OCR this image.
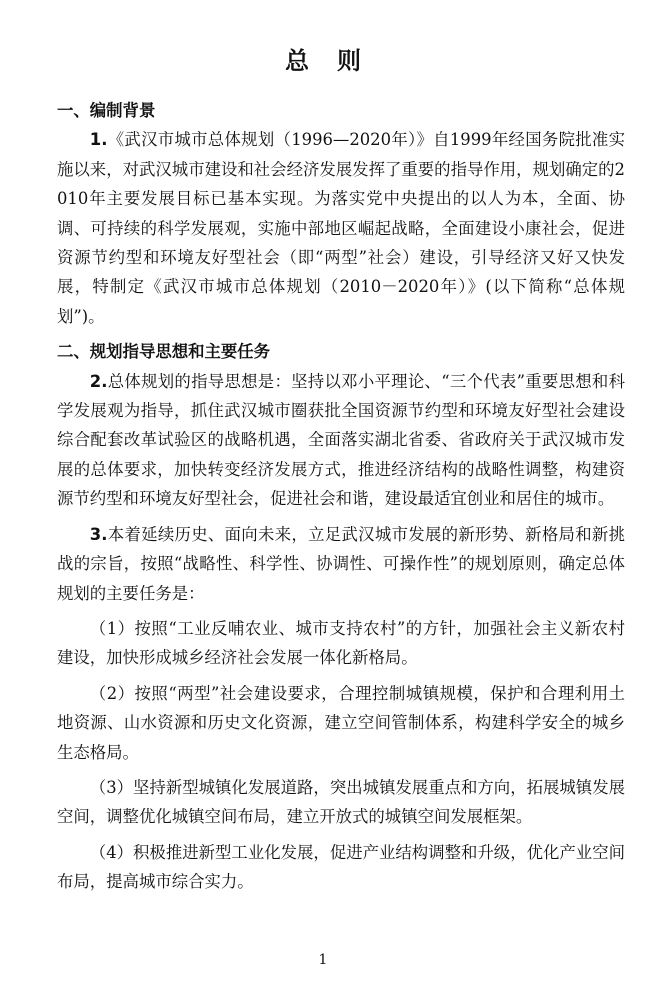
总则
一、编制背景

1.《武汉市城市总体规划（1996—2020年）》自1999年经国务院批准实施以来，对武汉城市建设和社会经济发展发挥了重要的指导作用，规划确定的2010年主要发展目标已基本实现。为落实党中央提出的以人为本，全面、协调、可持续的科学发展观，实施中部地区崛起战略，全面建设小康社会，促进资源节约型和环境友好型社会（即“两型”社会）建设，引导经济又好又快发展，特制定《武汉市城市总体规划（2010－2020年）》(以下简称“总体规划”)。

二、规划指导思想和主要任务

2.总体规划的指导思想是：坚持以邓小平理论、“三个代表”重要思想和科学发展观为指导，抓住武汉城市圈获批全国资源节约型和环境友好型社会建设综合配套改革试验区的战略机遇，全面落实湖北省委、省政府关于武汉城市发展的总体要求，加快转变经济发展方式，推进经济结构的战略性调整，构建资源节约型和环境友好型社会，促进社会和谐，建设最适宜创业和居住的城市。

3.本着延续历史、面向未来，立足武汉城市发展的新形势、新格局和新挑战的宗旨，按照“战略性、科学性、协调性、可操作性”的规划原则，确定总体规划的主要任务是：

（1）按照“工业反哺农业、城市支持农村”的方针，加强社会主义新农村建设，加快形成城乡经济社会发展一体化新格局。

（2）按照“两型”社会建设要求，合理控制城镇规模，保护和合理利用土地资源、山水资源和历史文化资源，建立空间管制体系，构建科学安全的城乡生态格局。

（3）坚持新型城镇化发展道路，突出城镇发展重点和方向，拓展城镇发展空间，调整优化城镇空间布局，建立开放式的城镇空间发展框架。

（4）积极推进新型工业化发展，促进产业结构调整和升级，优化产业空间布局，提高城市综合实力。

1
